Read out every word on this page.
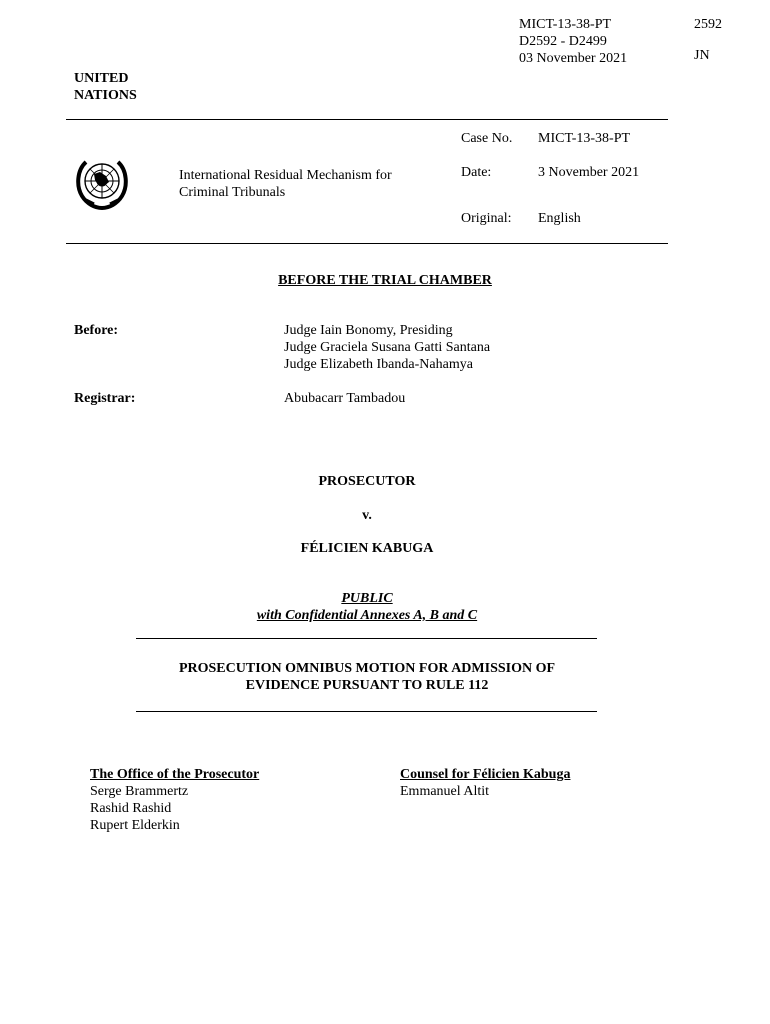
MICT-13-38-PT
D2592 - D2499
03 November 2021
2592
JN
UNITED
NATIONS
International Residual Mechanism for
Criminal Tribunals
Case No. MICT-13-38-PT
Date:	3 November 2021
Original: English
BEFORE THE TRIAL CHAMBER
Before:	Judge Iain Bonomy, Presiding
Judge Graciela Susana Gatti Santana
Judge Elizabeth Ibanda-Nahamya
Registrar:	Abubacarr Tambadou
PROSECUTOR
v.
FÉLICIEN KABUGA
PUBLIC
with Confidential Annexes A, B and C
PROSECUTION OMNIBUS MOTION FOR ADMISSION OF
EVIDENCE PURSUANT TO RULE 112
The Office of the Prosecutor
Serge Brammertz
Rashid Rashid
Rupert Elderkin
Counsel for Félicien Kabuga
Emmanuel Altit
